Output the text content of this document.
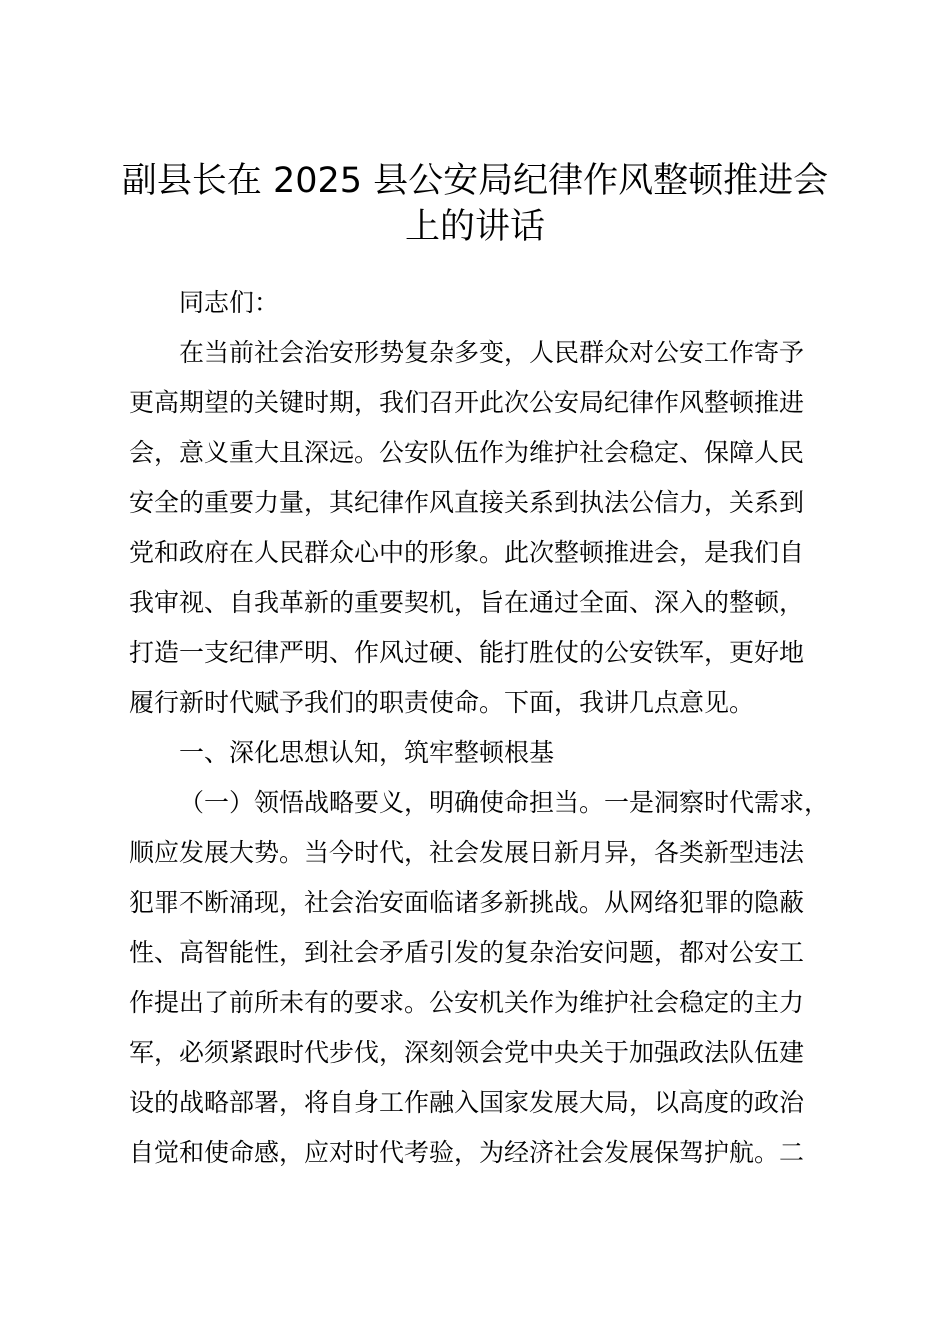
副县长在 2025 县公安局纪律作风整顿推进会
上的讲话

同志们：

在当前社会治安形势复杂多变，人民群众对公安工作寄予
更高期望的关键时期，我们召开此次公安局纪律作风整顿推进
会，意义重大且深远。公安队伍作为维护社会稳定、保障人民
安全的重要力量，其纪律作风直接关系到执法公信力，关系到
党和政府在人民群众心中的形象。此次整顿推进会，是我们自
我审视、自我革新的重要契机，旨在通过全面、深入的整顿，
打造一支纪律严明、作风过硬、能打胜仗的公安铁军，更好地
履行新时代赋予我们的职责使命。下面，我讲几点意见。

一、深化思想认知，筑牢整顿根基

（一）领悟战略要义，明确使命担当。一是洞察时代需求，
顺应发展大势。当今时代，社会发展日新月异，各类新型违法
犯罪不断涌现，社会治安面临诸多新挑战。从网络犯罪的隐蔽
性、高智能性，到社会矛盾引发的复杂治安问题，都对公安工
作提出了前所未有的要求。公安机关作为维护社会稳定的主力
军，必须紧跟时代步伐，深刻领会党中央关于加强政法队伍建
设的战略部署，将自身工作融入国家发展大局，以高度的政治
自觉和使命感，应对时代考验，为经济社会发展保驾护航。二
